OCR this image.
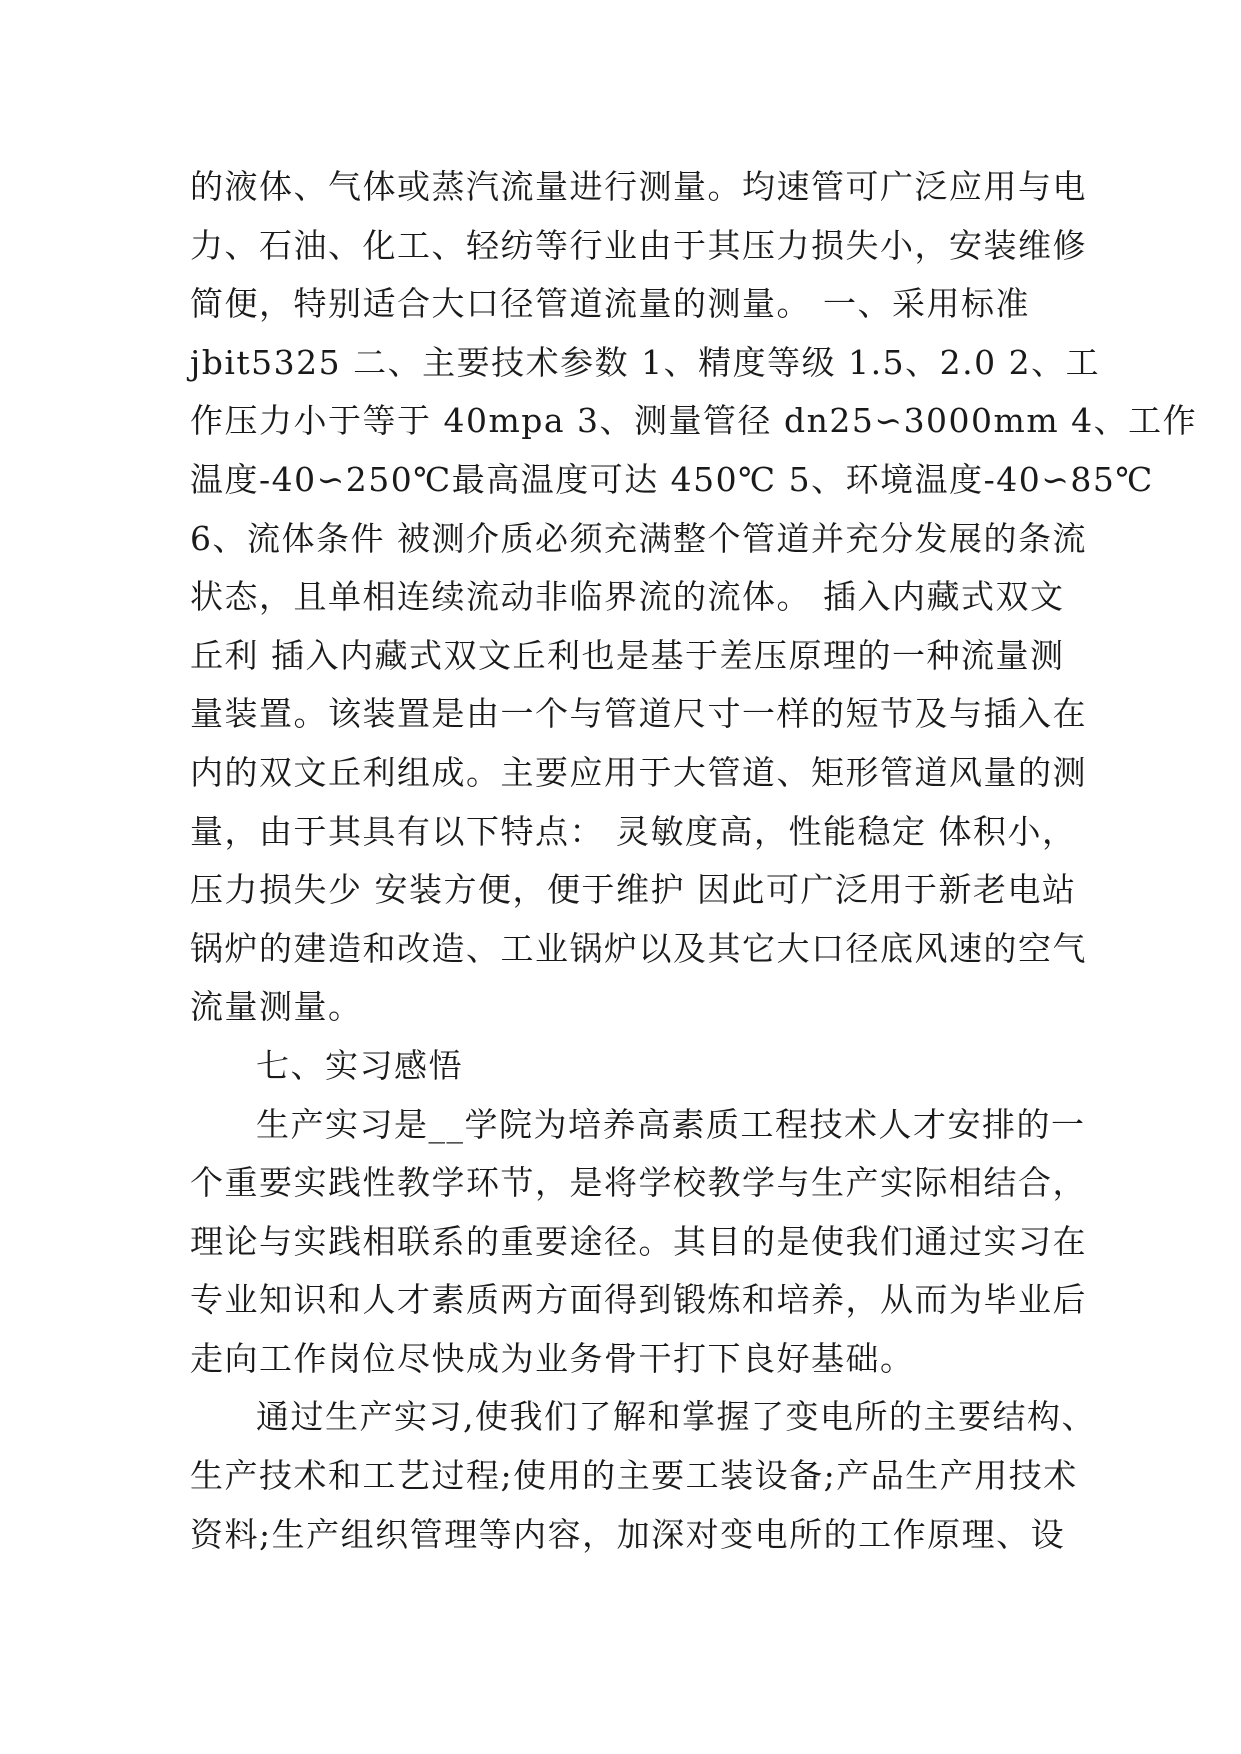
的液体、气体或蒸汽流量进行测量。均速管可广泛应用与电
力、石油、化工、轻纺等行业由于其压力损失小，安装维修
简便，特别适合大口径管道流量的测量。 一、采用标准
jbit5325 二、主要技术参数 1、精度等级 1.5、2.0 2、工
作压力小于等于 40mpa 3、测量管径 dn25∽3000mm 4、工作
温度-40∽250℃最高温度可达 450℃ 5、环境温度-40∽85℃
6、流体条件 被测介质必须充满整个管道并充分发展的条流
状态，且单相连续流动非临界流的流体。 插入内藏式双文
丘利 插入内藏式双文丘利也是基于差压原理的一种流量测
量装置。该装置是由一个与管道尺寸一样的短节及与插入在
内的双文丘利组成。主要应用于大管道、矩形管道风量的测
量，由于其具有以下特点： 灵敏度高，性能稳定 体积小，
压力损失少 安装方便，便于维护 因此可广泛用于新老电站
锅炉的建造和改造、工业锅炉以及其它大口径底风速的空气
流量测量。
七、实习感悟
生产实习是__学院为培养高素质工程技术人才安排的一
个重要实践性教学环节，是将学校教学与生产实际相结合，
理论与实践相联系的重要途径。其目的是使我们通过实习在
专业知识和人才素质两方面得到锻炼和培养，从而为毕业后
走向工作岗位尽快成为业务骨干打下良好基础。
通过生产实习,使我们了解和掌握了变电所的主要结构、
生产技术和工艺过程;使用的主要工装设备;产品生产用技术
资料;生产组织管理等内容，加深对变电所的工作原理、设
